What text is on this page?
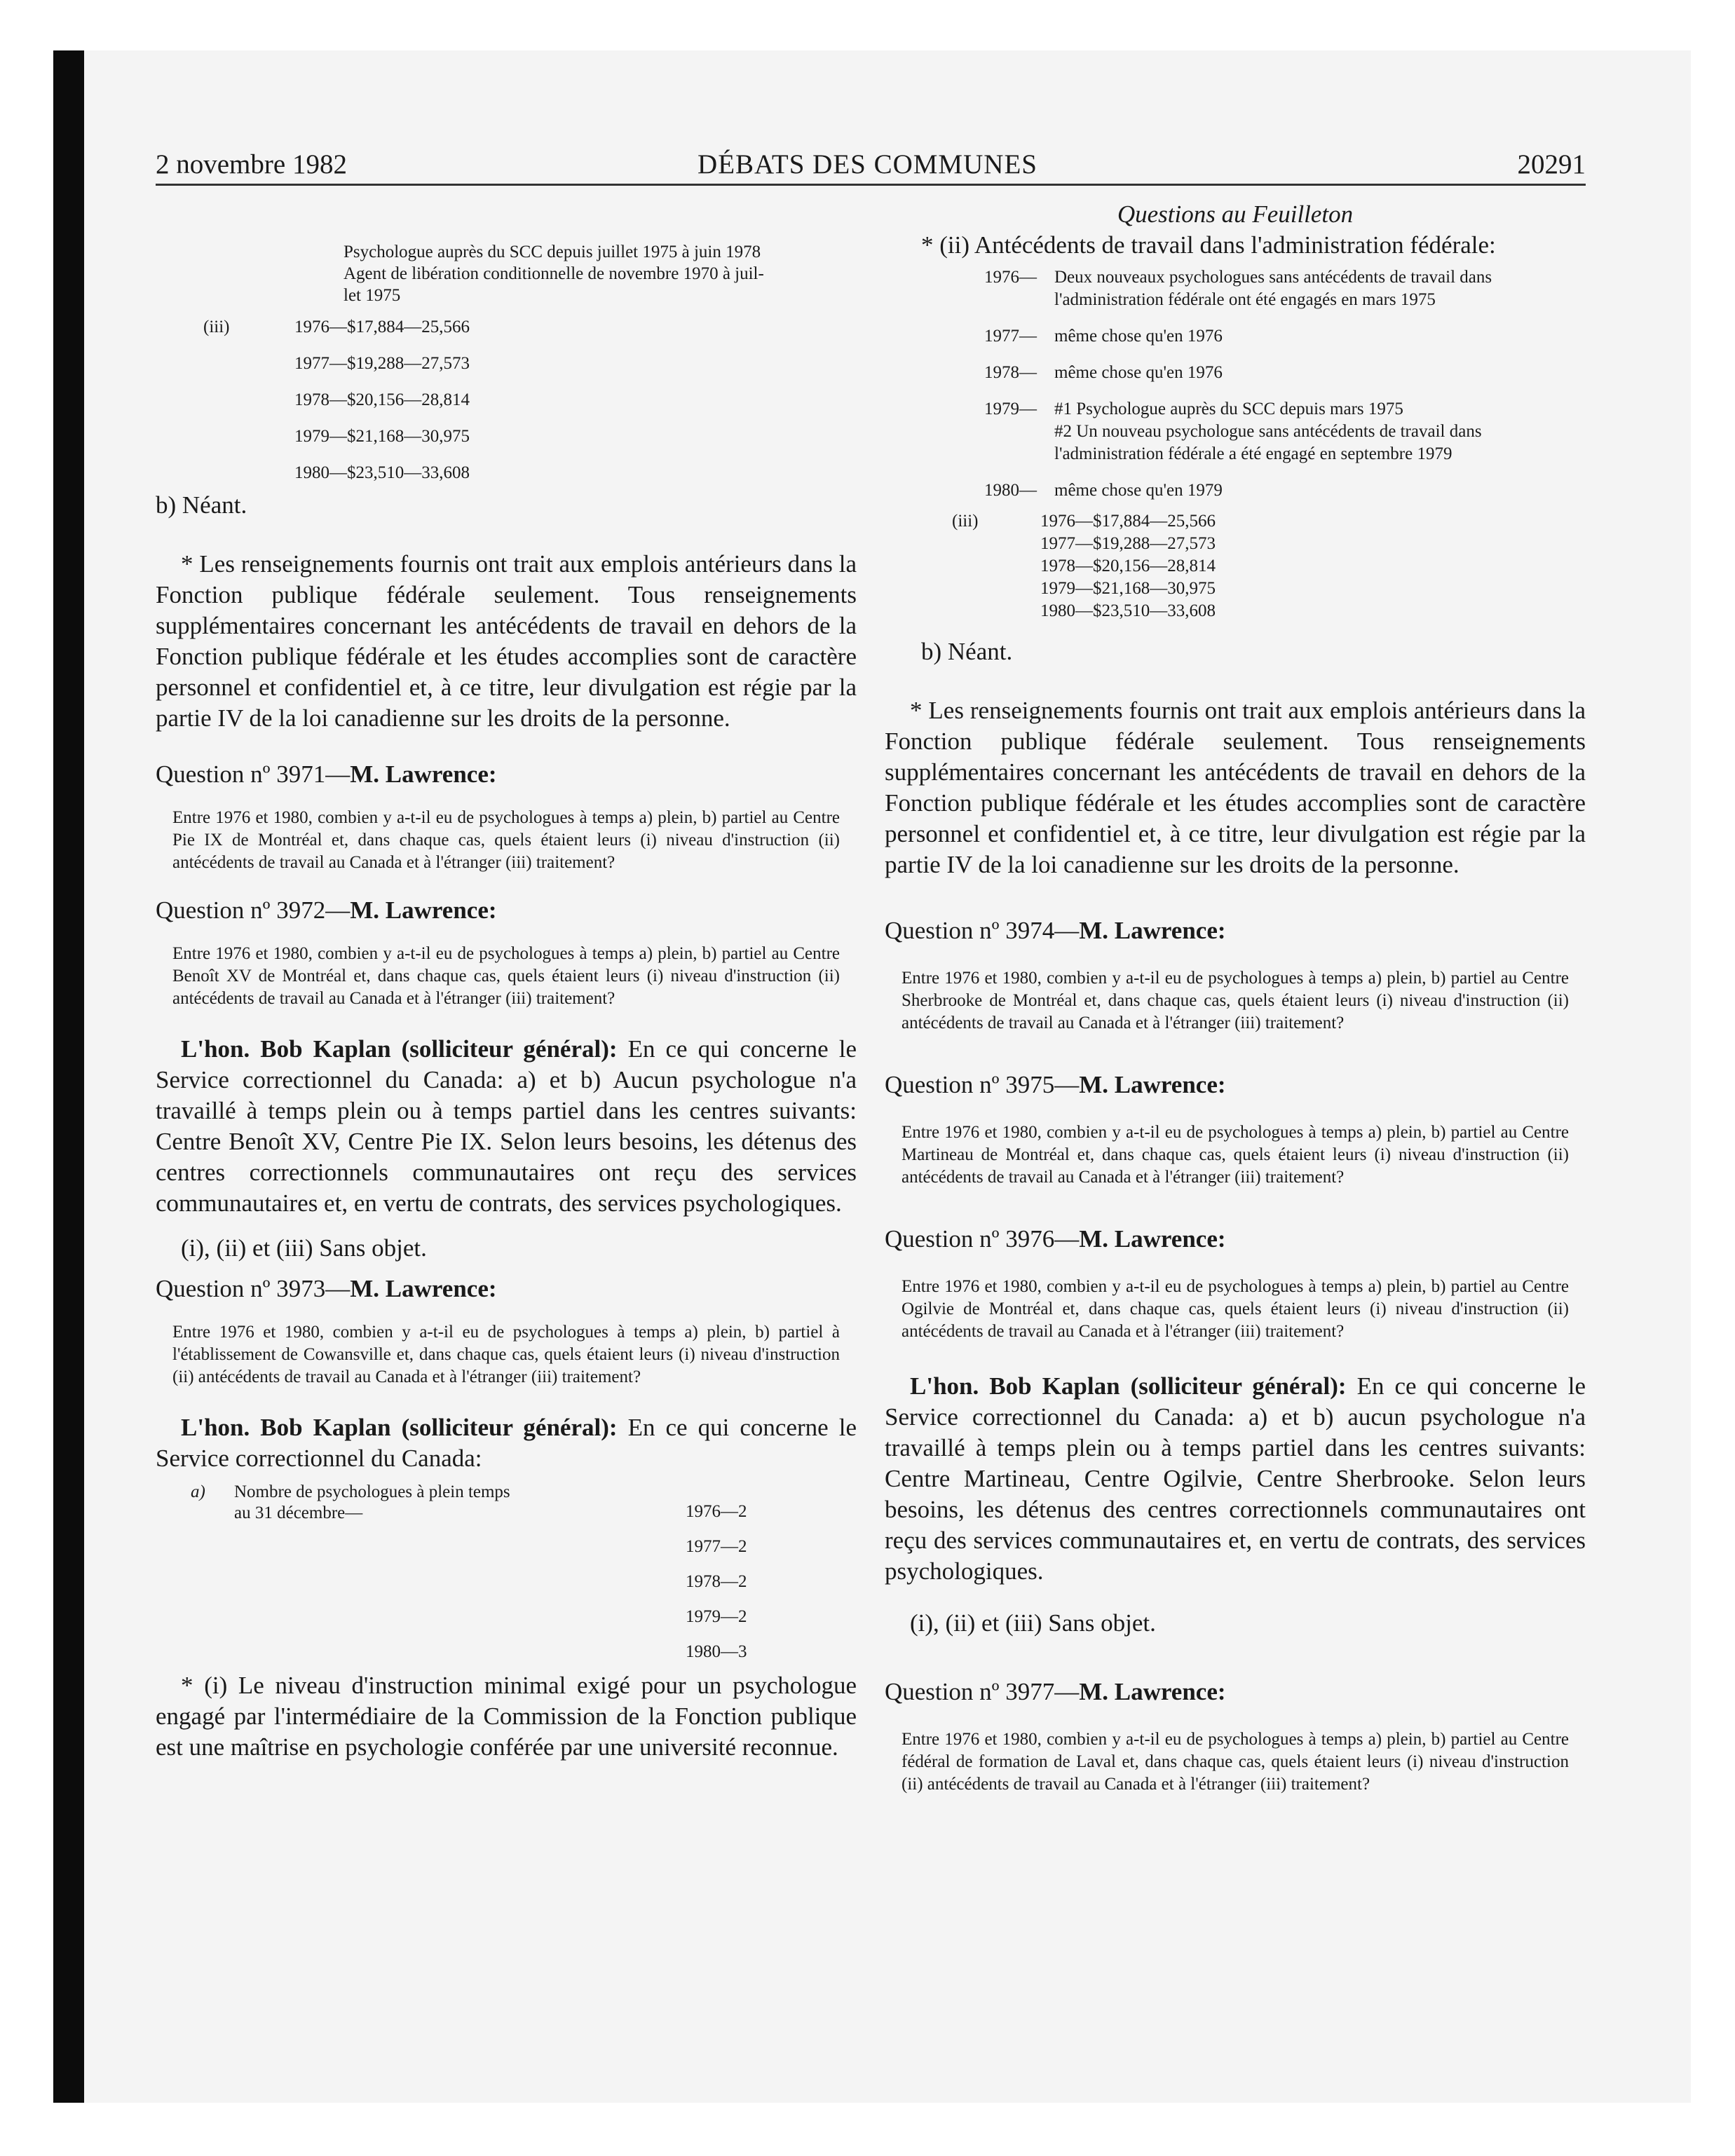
2 novembre 1982	DÉBATS DES COMMUNES	20291
Psychologue auprès du SCC depuis juillet 1975 à juin 1978
Agent de libération conditionnelle de novembre 1970 à juil-
let 1975
(iii)	1976—$17,884—25,566
1977—$19,288—27,573
1978—$20,156—28,814
1979—$21,168—30,975
1980—$23,510—33,608

b) Néant.

* Les renseignements fournis ont trait aux emplois antérieurs dans la Fonction publique fédérale seulement. Tous renseignements supplémentaires concernant les antécédents de travail en dehors de la Fonction publique fédérale et les études accomplies sont de caractère personnel et confidentiel et, à ce titre, leur divulgation est régie par la partie IV de la loi canadienne sur les droits de la personne.

Question nº 3971—M. Lawrence:

Entre 1976 et 1980, combien y a-t-il eu de psychologues à temps a) plein, b) partiel au Centre Pie IX de Montréal et, dans chaque cas, quels étaient leurs (i) niveau d'instruction (ii) antécédents de travail au Canada et à l'étranger (iii) traitement?

Question nº 3972—M. Lawrence:

Entre 1976 et 1980, combien y a-t-il eu de psychologues à temps a) plein, b) partiel au Centre Benoît XV de Montréal et, dans chaque cas, quels étaient leurs (i) niveau d'instruction (ii) antécédents de travail au Canada et à l'étranger (iii) traitement?

L'hon. Bob Kaplan (solliciteur général): En ce qui concerne le Service correctionnel du Canada: a) et b) Aucun psychologue n'a travaillé à temps plein ou à temps partiel dans les centres suivants: Centre Benoît XV, Centre Pie IX. Selon leurs besoins, les détenus des centres correctionnels communautaires ont reçu des services communautaires et, en vertu de contrats, des services psychologiques.

(i), (ii) et (iii) Sans objet.

Question nº 3973—M. Lawrence:

Entre 1976 et 1980, combien y a-t-il eu de psychologues à temps a) plein, b) partiel à l'établissement de Cowansville et, dans chaque cas, quels étaient leurs (i) niveau d'instruction (ii) antécédents de travail au Canada et à l'étranger (iii) traitement?

L'hon. Bob Kaplan (solliciteur général): En ce qui concerne le Service correctionnel du Canada:

a) Nombre de psychologues à plein temps
au 31 décembre—	1976—2
1977—2
1978—2
1979—2
1980—3

* (i) Le niveau d'instruction minimal exigé pour un psychologue engagé par l'intermédiaire de la Commission de la Fonction publique est une maîtrise en psychologie conférée par une université reconnue.

Questions au Feuilleton

* (ii) Antécédents de travail dans l'administration fédérale:

1976—	Deux nouveaux psychologues sans antécédents de travail dans l'administration fédérale ont été engagés en mars 1975
1977—	même chose qu'en 1976
1978—	même chose qu'en 1976
1979—	#1 Psychologue auprès du SCC depuis mars 1975
#2 Un nouveau psychologue sans antécédents de travail dans l'administration fédérale a été engagé en septembre 1979
1980—	même chose qu'en 1979
(iii)	1976—$17,884—25,566
1977—$19,288—27,573
1978—$20,156—28,814
1979—$21,168—30,975
1980—$23,510—33,608

b) Néant.

* Les renseignements fournis ont trait aux emplois antérieurs dans la Fonction publique fédérale seulement. Tous renseignements supplémentaires concernant les antécédents de travail en dehors de la Fonction publique fédérale et les études accomplies sont de caractère personnel et confidentiel et, à ce titre, leur divulgation est régie par la partie IV de la loi canadienne sur les droits de la personne.

Question nº 3974—M. Lawrence:

Entre 1976 et 1980, combien y a-t-il eu de psychologues à temps a) plein, b) partiel au Centre Sherbrooke de Montréal et, dans chaque cas, quels étaient leurs (i) niveau d'instruction (ii) antécédents de travail au Canada et à l'étranger (iii) traitement?

Question nº 3975—M. Lawrence:

Entre 1976 et 1980, combien y a-t-il eu de psychologues à temps a) plein, b) partiel au Centre Martineau de Montréal et, dans chaque cas, quels étaient leurs (i) niveau d'instruction (ii) antécédents de travail au Canada et à l'étranger (iii) traitement?

Question nº 3976—M. Lawrence:

Entre 1976 et 1980, combien y a-t-il eu de psychologues à temps a) plein, b) partiel au Centre Ogilvie de Montréal et, dans chaque cas, quels étaient leurs (i) niveau d'instruction (ii) antécédents de travail au Canada et à l'étranger (iii) traitement?

L'hon. Bob Kaplan (solliciteur général): En ce qui concerne le Service correctionnel du Canada: a) et b) aucun psychologue n'a travaillé à temps plein ou à temps partiel dans les centres suivants: Centre Martineau, Centre Ogilvie, Centre Sherbrooke. Selon leurs besoins, les détenus des centres correctionnels communautaires ont reçu des services communautaires et, en vertu de contrats, des services psychologiques.

(i), (ii) et (iii) Sans objet.

Question nº 3977—M. Lawrence:

Entre 1976 et 1980, combien y a-t-il eu de psychologues à temps a) plein, b) partiel au Centre fédéral de formation de Laval et, dans chaque cas, quels étaient leurs (i) niveau d'instruction (ii) antécédents de travail au Canada et à l'étranger (iii) traitement?
